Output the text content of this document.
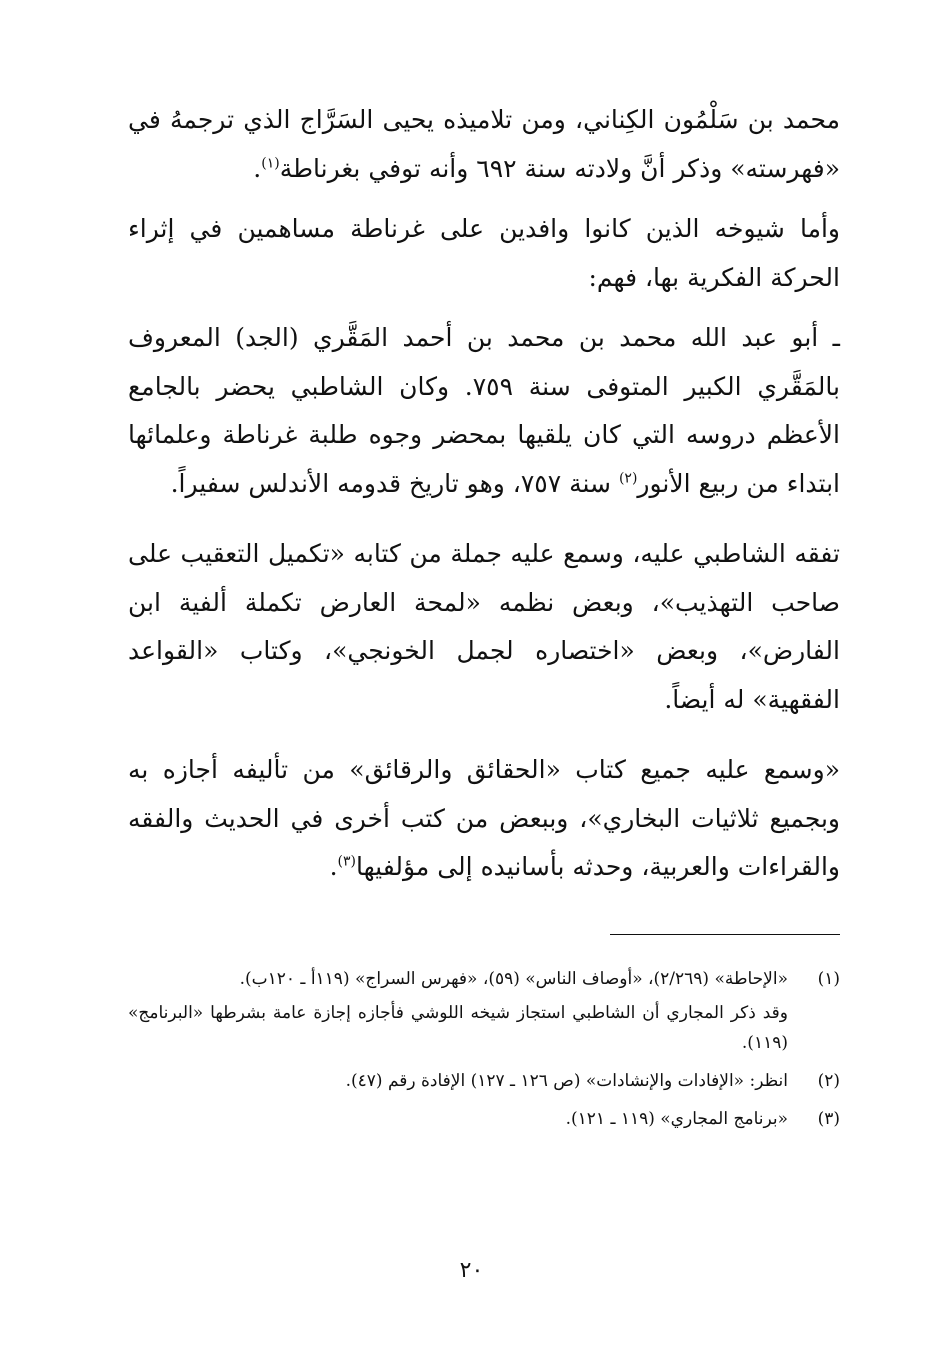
محمد بن سَلْمُون الكِناني، ومن تلاميذه يحيى السَرَّاج الذي ترجمهُ في «فهرسته» وذكر أنَّ ولادته سنة ٦٩٢ وأنه توفي بغرناطة$^{(١)}$.

وأما شيوخه الذين كانوا وافدين على غرناطة مساهمين في إثراء الحركة الفكرية بها، فهم:

ـ أبو عبد الله محمد بن محمد بن أحمد المَقَّري (الجد) المعروف بالمَقَّري الكبير المتوفى سنة ٧٥٩. وكان الشاطبي يحضر بالجامع الأعظم دروسه التي كان يلقيها بمحضر وجوه طلبة غرناطة وعلمائها ابتداء من ربيع الأنور$^{(٢)}$ سنة ٧٥٧، وهو تاريخ قدومه الأندلس سفيراً.

تفقه الشاطبي عليه، وسمع عليه جملة من كتابه «تكميل التعقيب على صاحب التهذيب»، وبعض نظمه «لمحة العارض تكملة ألفية ابن الفارض»، وبعض «اختصاره لجمل الخونجي»، وكتاب «القواعد الفقهية» له أيضاً.

«وسمع عليه جميع كتاب «الحقائق والرقائق» من تأليفه أجازه به وبجميع ثلاثيات البخاري»، وببعض من كتب أخرى في الحديث والفقه والقراءات والعربية، وحدثه بأسانيده إلى مؤلفيها$^{(٣)}$.

(١)
«الإحاطة» (٢/٢٦٩)، «أوصاف الناس» (٥٩)، «فهرس السراج» (١١٩أ ـ ١٢٠ب).
وقد ذكر المجاري أن الشاطبي استجاز شيخه اللوشي فأجازه إجازة عامة بشرطها «البرنامج» (١١٩).
(٢)
انظر: «الإفادات والإنشادات» (ص ١٢٦ ـ ١٢٧) الإفادة رقم (٤٧).
(٣)
«برنامج المجاري» (١١٩ ـ ١٢١).
٢٠
